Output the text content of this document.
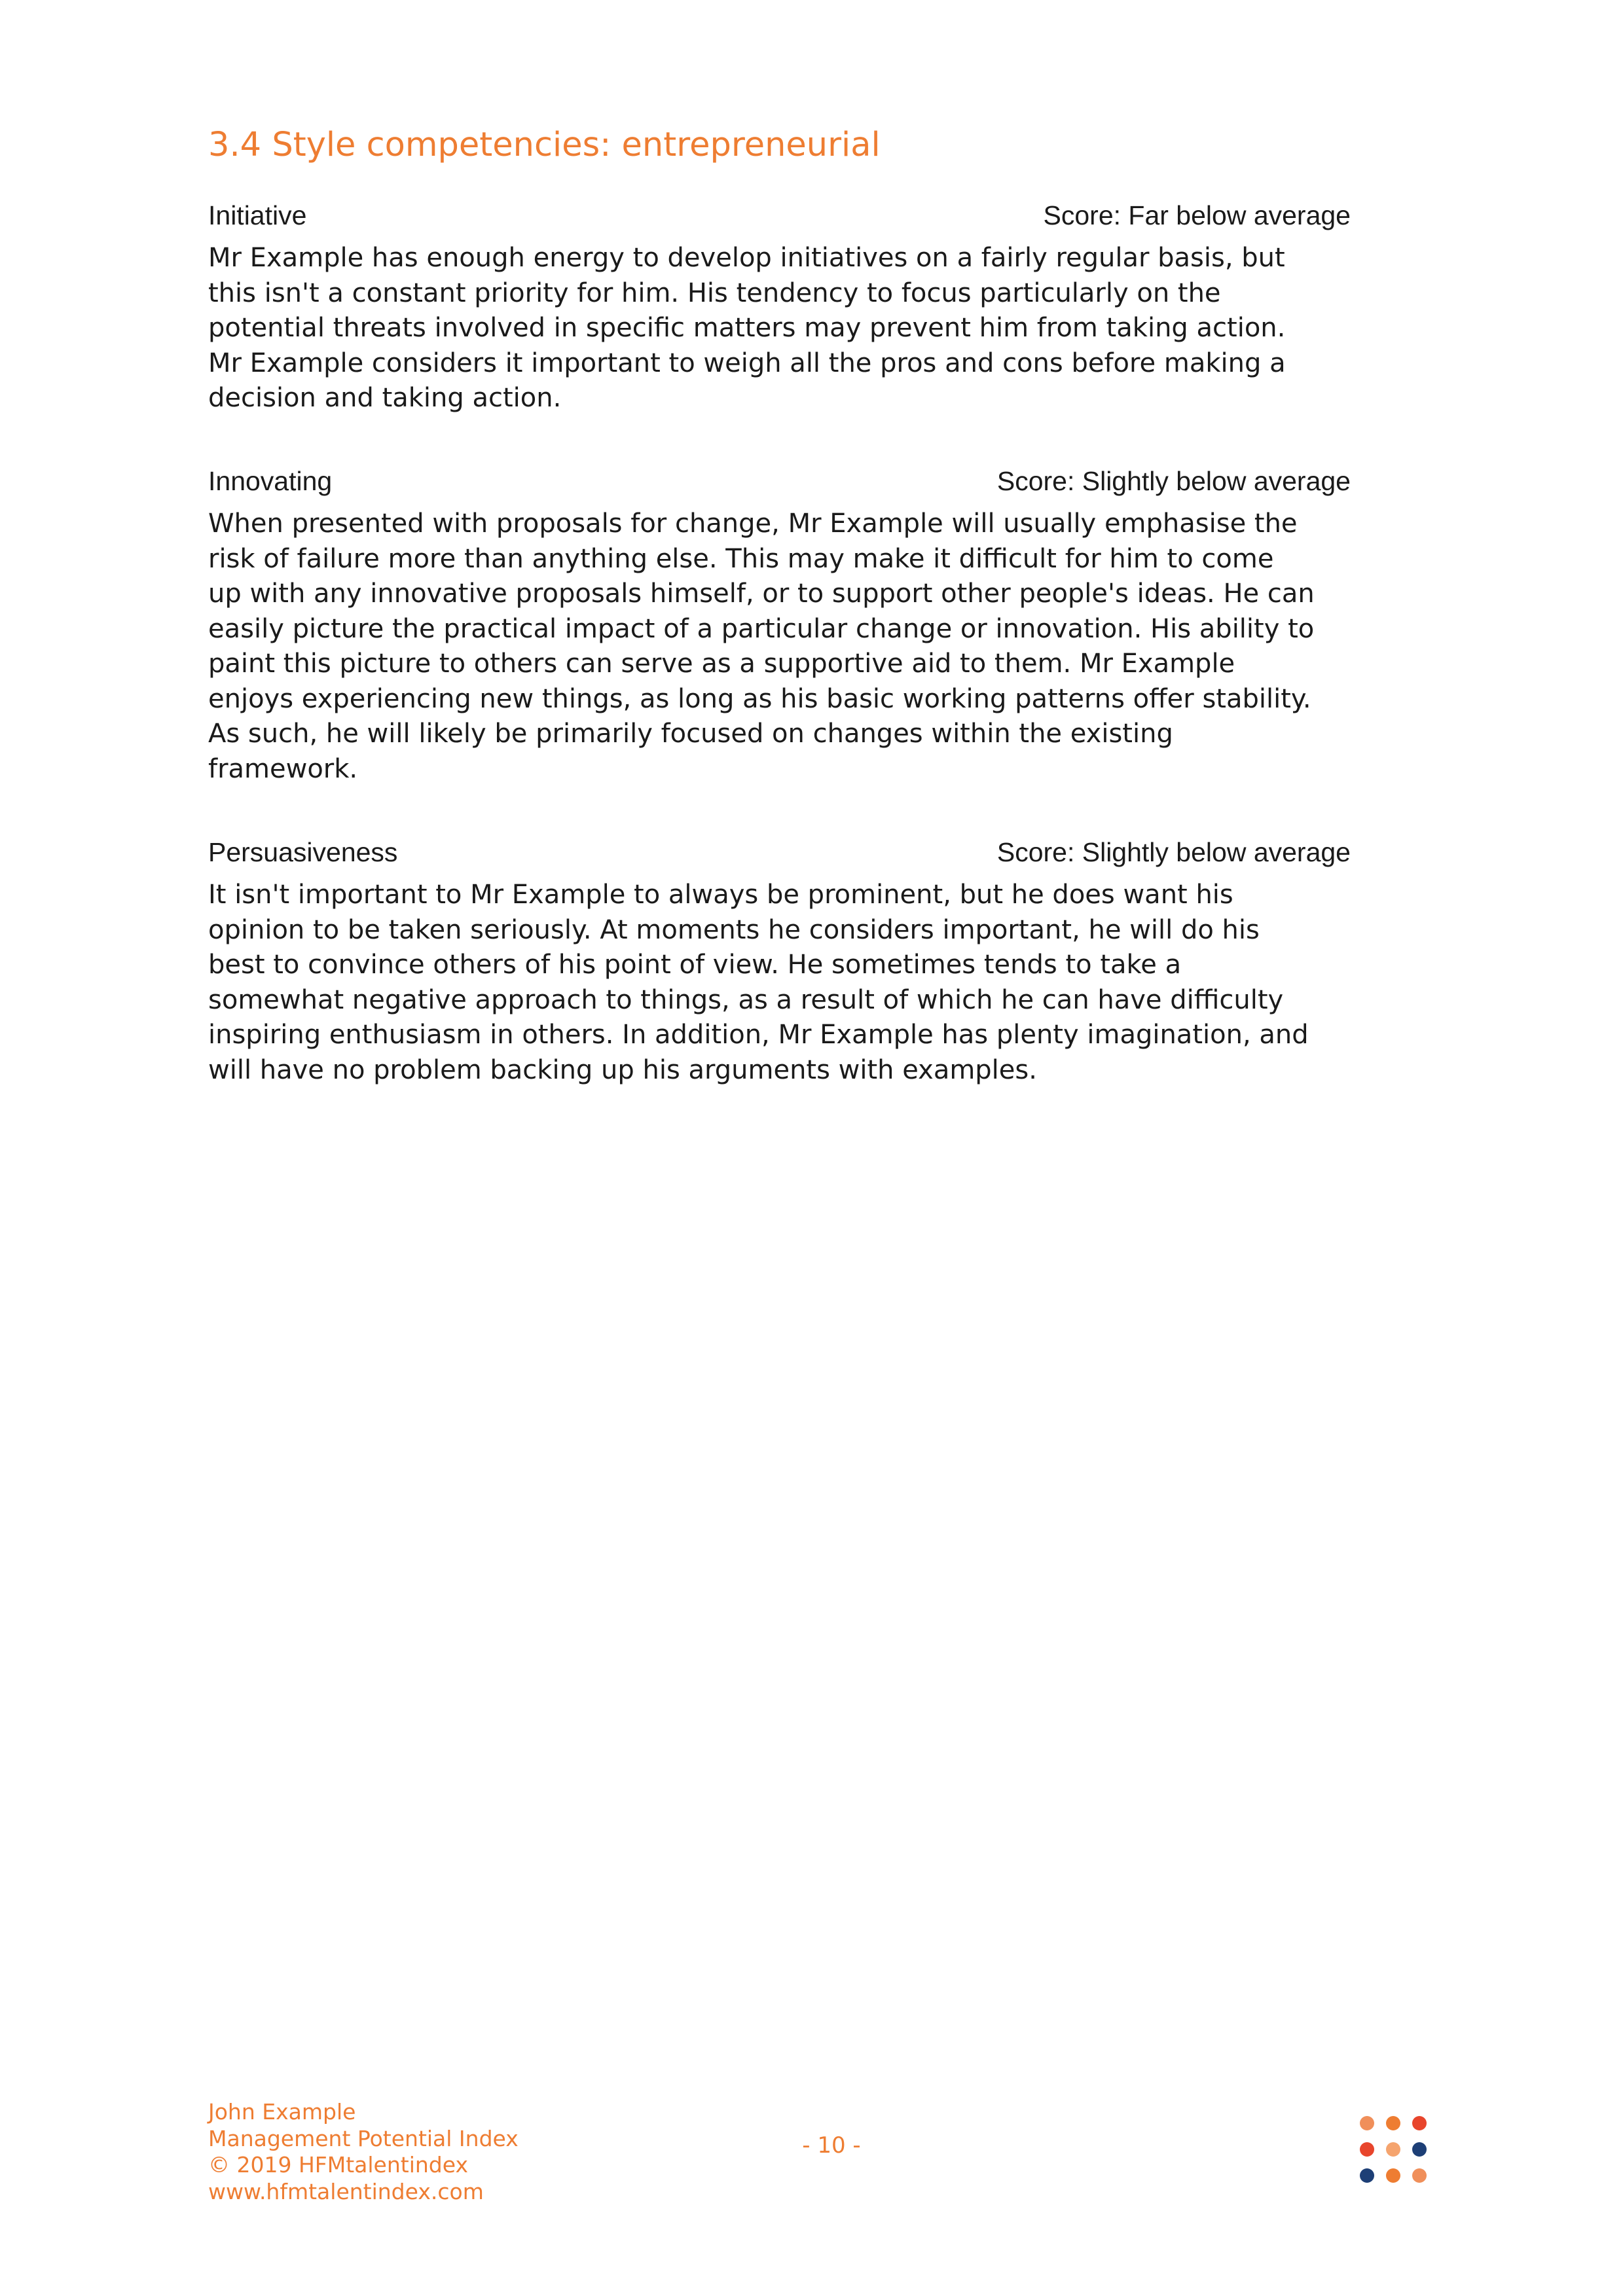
3.4 Style competencies: entrepreneurial
Initiative	Score: Far below average
Mr Example has enough energy to develop initiatives on a fairly regular basis, but
this isn't a constant priority for him. His tendency to focus particularly on the
potential threats involved in specific matters may prevent him from taking action.
Mr Example considers it important to weigh all the pros and cons before making a
decision and taking action.
Innovating	Score: Slightly below average
When presented with proposals for change, Mr Example will usually emphasise the
risk of failure more than anything else. This may make it difficult for him to come
up with any innovative proposals himself, or to support other people's ideas. He can
easily picture the practical impact of a particular change or innovation. His ability to
paint this picture to others can serve as a supportive aid to them. Mr Example
enjoys experiencing new things, as long as his basic working patterns offer stability.
As such, he will likely be primarily focused on changes within the existing
framework.
Persuasiveness	Score: Slightly below average
It isn't important to Mr Example to always be prominent, but he does want his
opinion to be taken seriously. At moments he considers important, he will do his
best to convince others of his point of view. He sometimes tends to take a
somewhat negative approach to things, as a result of which he can have difficulty
inspiring enthusiasm in others. In addition, Mr Example has plenty imagination, and
will have no problem backing up his arguments with examples.
John Example
Management Potential Index
© 2019 HFMtalentindex
www.hfmtalentindex.com
- 10 -
